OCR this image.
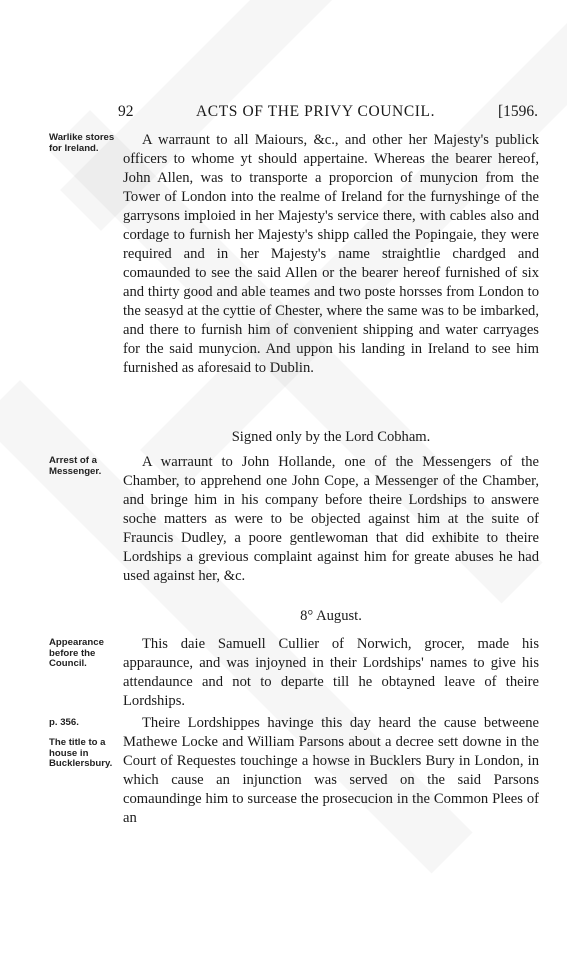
92	ACTS OF THE PRIVY COUNCIL.	[1596.
Warlike stores for Ireland.	A warraunt to all Maiours, &c., and other her Majesty's publick officers to whome yt should appertaine. Whereas the bearer hereof, John Allen, was to transporte a proporcion of munycion from the Tower of London into the realme of Ireland for the furnyshinge of the garrysons imploied in her Majesty's service there, with cables also and cordage to furnish her Majesty's shipp called the Popingaie, they were required and in her Majesty's name straightlie chardged and comaunded to see the said Allen or the bearer hereof furnished of six and thirty good and able teames and two poste horsses from London to the seasyd at the cyttie of Chester, where the same was to be imbarked, and there to furnish him of convenient shipping and water carryages for the said munycion. And uppon his landing in Ireland to see him furnished as aforesaid to Dublin.
Signed only by the Lord Cobham.
Arrest of a Messenger.
A warraunt to John Hollande, one of the Messengers of the Chamber, to apprehend one John Cope, a Messenger of the Chamber, and bringe him in his company before theire Lordships to answere soche matters as were to be objected against him at the suite of Frauncis Dudley, a poore gentlewoman that did exhibite to theire Lordships a grevious complaint against him for greate abuses he had used against her, &c.
8° August.
Appearance before the Council.
This daie Samuell Cullier of Norwich, grocer, made his apparaunce, and was injoyned in their Lordships' names to give his attendaunce and not to departe till he obtayned leave of theire Lordships.
p. 356.
The title to a house in Bucklersbury.
Theire Lordshippes havinge this day heard the cause betweene Mathewe Locke and William Parsons about a decree sett downe in the Court of Requestes touchinge a howse in Bucklers Bury in London, in which cause an injunction was served on the said Parsons comaundinge him to surcease the prosecucion in the Common Plees of an
